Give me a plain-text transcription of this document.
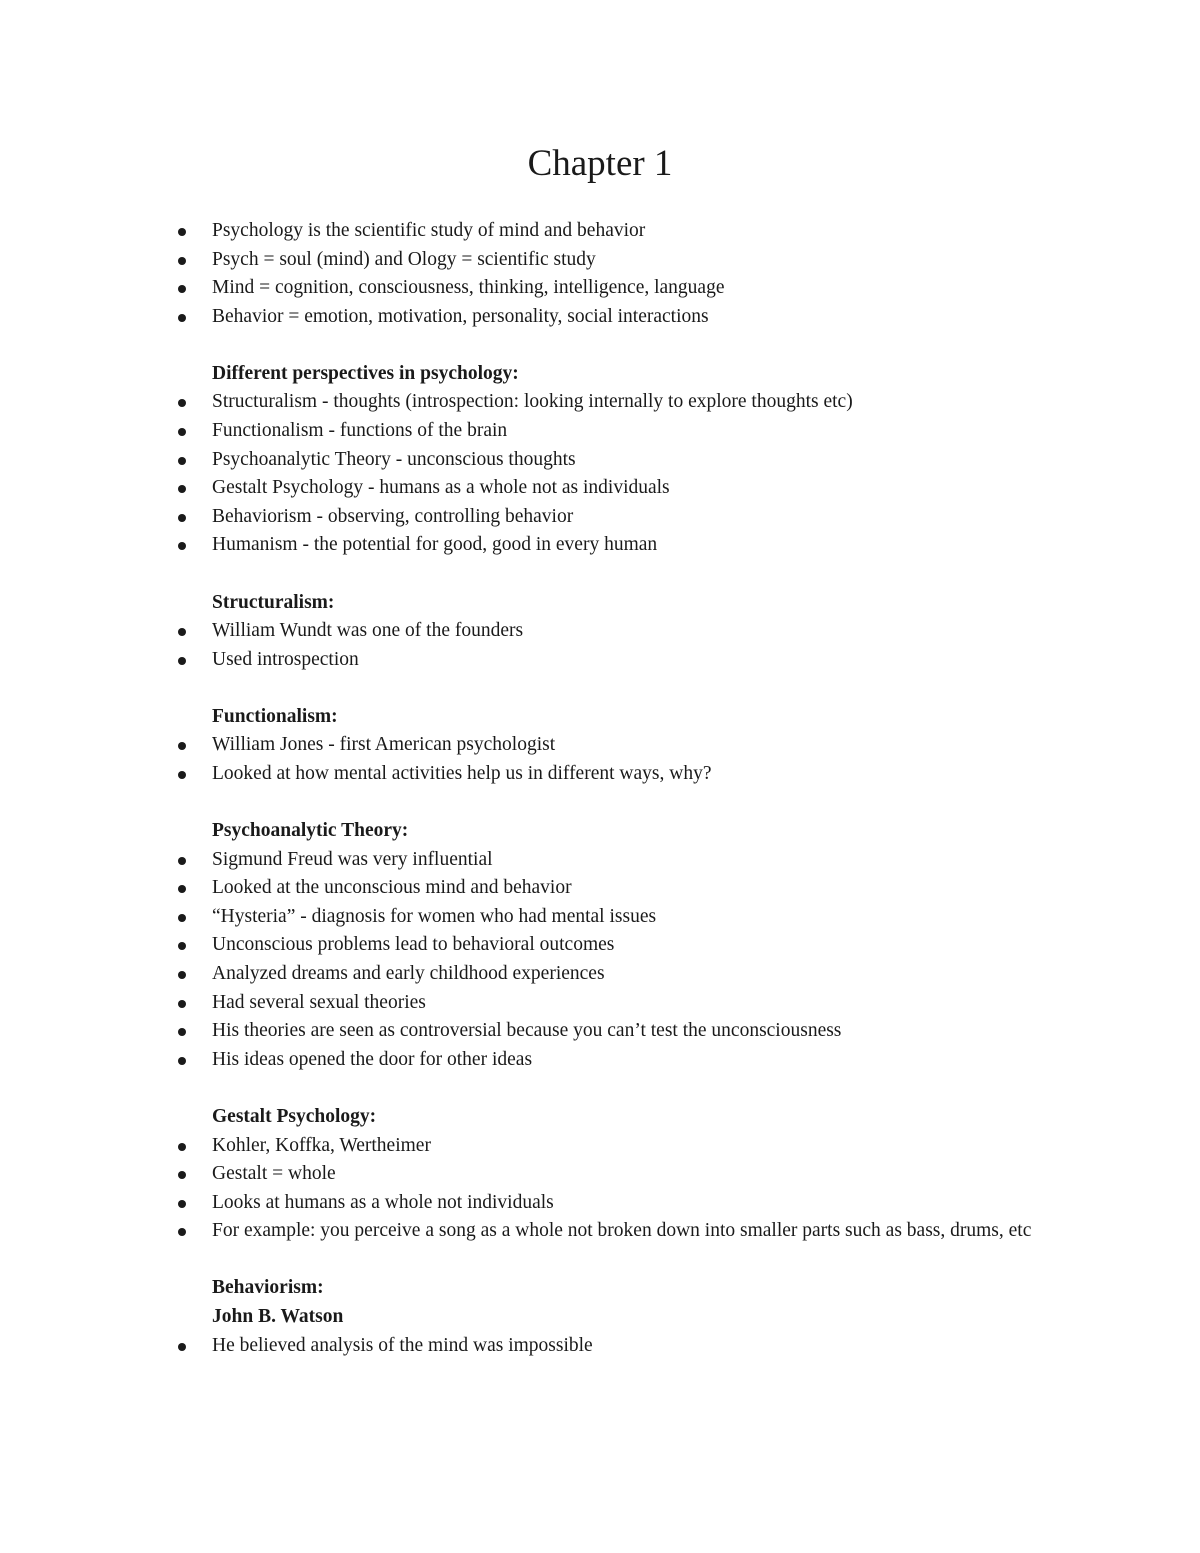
Chapter 1
Psychology is the scientific study of mind and behavior
Psych = soul (mind) and Ology = scientific study
Mind = cognition, consciousness, thinking, intelligence, language
Behavior = emotion, motivation, personality, social interactions

Different perspectives in psychology:

Structuralism - thoughts (introspection: looking internally to explore thoughts etc)
Functionalism - functions of the brain
Psychoanalytic Theory - unconscious thoughts
Gestalt Psychology - humans as a whole not as individuals
Behaviorism - observing, controlling behavior
Humanism - the potential for good, good in every human

Structuralism:

William Wundt was one of the founders
Used introspection

Functionalism:

William Jones - first American psychologist
Looked at how mental activities help us in different ways, why?

Psychoanalytic Theory:

Sigmund Freud was very influential
Looked at the unconscious mind and behavior
“Hysteria” - diagnosis for women who had mental issues
Unconscious problems lead to behavioral outcomes
Analyzed dreams and early childhood experiences
Had several sexual theories
His theories are seen as controversial because you can’t test the unconsciousness
His ideas opened the door for other ideas

Gestalt Psychology:

Kohler, Koffka, Wertheimer
Gestalt = whole
Looks at humans as a whole not individuals
For example: you perceive a song as a whole not broken down into smaller parts such as bass, drums, etc

Behaviorism:

John B. Watson

He believed analysis of the mind was impossible
